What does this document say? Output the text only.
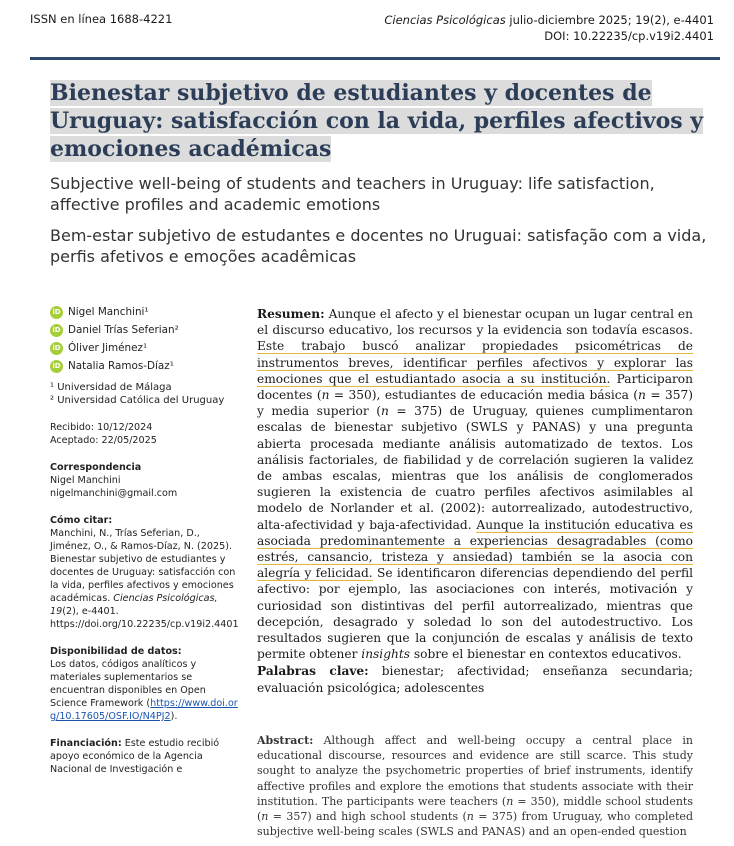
ISSN en línea 1688-4221	Ciencias Psicológicas julio-diciembre 2025; 19(2), e-4401
DOI: 10.22235/cp.v19i2.4401
Bienestar subjetivo de estudiantes y docentes de Uruguay: satisfacción con la vida, perfiles afectivos y emociones académicas
Subjective well-being of students and teachers in Uruguay: life satisfaction, affective profiles and academic emotions
Bem-estar subjetivo de estudantes e docentes no Uruguai: satisfação com a vida, perfis afetivos e emoções acadêmicas
iD Nigel Manchini¹
iD Daniel Trías Seferian²
iD Óliver Jiménez¹
iD Natalia Ramos-Díaz¹
¹ Universidad de Málaga
² Universidad Católica del Uruguay
Recibido: 10/12/2024
Aceptado: 22/05/2025
Correspondencia
Nigel Manchini
nigelmanchini@gmail.com
Cómo citar:
Manchini, N., Trías Seferian, D., Jiménez, O., & Ramos-Díaz, N. (2025). Bienestar subjetivo de estudiantes y docentes de Uruguay: satisfacción con la vida, perfiles afectivos y emociones académicas. Ciencias Psicológicas, 19(2), e-4401. https://doi.org/10.22235/cp.v19i2.4401
Disponibilidad de datos:
Los datos, códigos analíticos y materiales suplementarios se encuentran disponibles en Open Science Framework (https://www.doi.org/10.17605/OSF.IO/N4PJ2).
Financiación: Este estudio recibió apoyo económico de la Agencia Nacional de Investigación e
Resumen: Aunque el afecto y el bienestar ocupan un lugar central en el discurso educativo, los recursos y la evidencia son todavía escasos. Este trabajo buscó analizar propiedades psicométricas de instrumentos breves, identificar perfiles afectivos y explorar las emociones que el estudiantado asocia a su institución. Participaron docentes (n = 350), estudiantes de educación media básica (n = 357) y media superior (n = 375) de Uruguay, quienes cumplimentaron escalas de bienestar subjetivo (SWLS y PANAS) y una pregunta abierta procesada mediante análisis automatizado de textos. Los análisis factoriales, de fiabilidad y de correlación sugieren la validez de ambas escalas, mientras que los análisis de conglomerados sugieren la existencia de cuatro perfiles afectivos asimilables al modelo de Norlander et al. (2002): autorrealizado, autodestructivo, alta-afectividad y baja-afectividad. Aunque la institución educativa es asociada predominantemente a experiencias desagradables (como estrés, cansancio, tristeza y ansiedad) también se la asocia con alegría y felicidad. Se identificaron diferencias dependiendo del perfil afectivo: por ejemplo, las asociaciones con interés, motivación y curiosidad son distintivas del perfil autorrealizado, mientras que decepción, desagrado y soledad lo son del autodestructivo. Los resultados sugieren que la conjunción de escalas y análisis de texto permite obtener insights sobre el bienestar en contextos educativos.
Palabras clave: bienestar; afectividad; enseñanza secundaria; evaluación psicológica; adolescentes
Abstract: Although affect and well-being occupy a central place in educational discourse, resources and evidence are still scarce. This study sought to analyze the psychometric properties of brief instruments, identify affective profiles and explore the emotions that students associate with their institution. The participants were teachers (n = 350), middle school students (n = 357) and high school students (n = 375) from Uruguay, who completed subjective well-being scales (SWLS and PANAS) and an open-ended question
